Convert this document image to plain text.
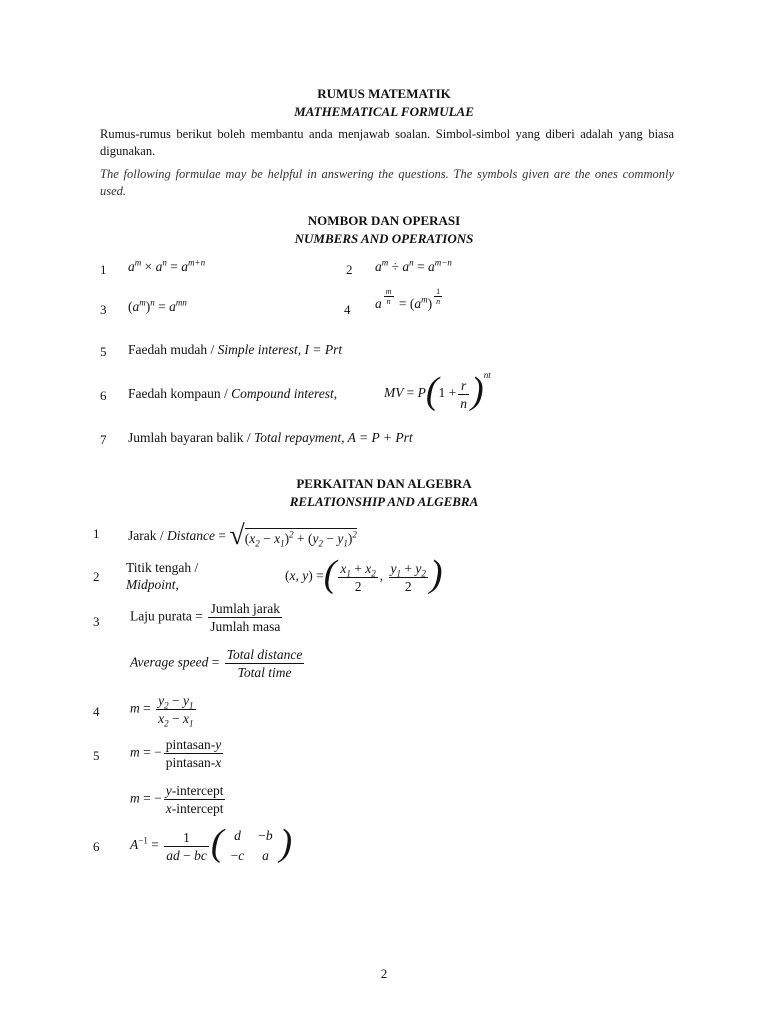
RUMUS MATEMATIK
MATHEMATICAL FORMULAE
Rumus-rumus berikut boleh membantu anda menjawab soalan. Simbol-simbol yang diberi adalah yang biasa digunakan.
The following formulae may be helpful in answering the questions. The symbols given are the ones commonly used.
NOMBOR DAN OPERASI
NUMBERS AND OPERATIONS
1 $a^m \times a^n = a^{m+n}$	2 $a^m \div a^n = a^{m-n}$
3 $(a^m)^n = a^{mn}$	4 a $^{\frac{m}{n}} = (a^m)$ $^{\frac{1}{n}}$
5 Faedah mudah / Simple interest, I = Prt
6 Faedah kompaun / Compound interest,	MV = $P(1 + \frac{r}{n} )^{nt}$
7 Jumlah bayaran balik / Total repayment, A = P + Prt
PERKAITAN DAN ALGEBRA
RELATIONSHIP AND ALGEBRA
1 Jarak / Distance = $√(x_2 - x_1)^2 + (y_2 - y_1)^2$
2
Titik tengah /
Midpoint,
(x, y) =( $\frac{x_1 + x_2}{2}$ , $\frac{y_1 + y_2}{2}$ )
3 Laju purata = $\frac{\text{Jumlah jarak}}{\text{Jumlah masa}}$
Average speed = $\frac{\text{Total distance}}{\text{Total time}}$
4 $m = \frac{y_2 - y_1}{x_2 - x_1}$
5 m = − $\frac{\text{pintasan-y}}{\text{pintasan-x}}$
m = − $\frac{\text{y-intercept}}{\text{x-intercept}}$
6 $A^{-1} = \frac{1}{ad - bc}$ ( d	−b
−c	a )
2
